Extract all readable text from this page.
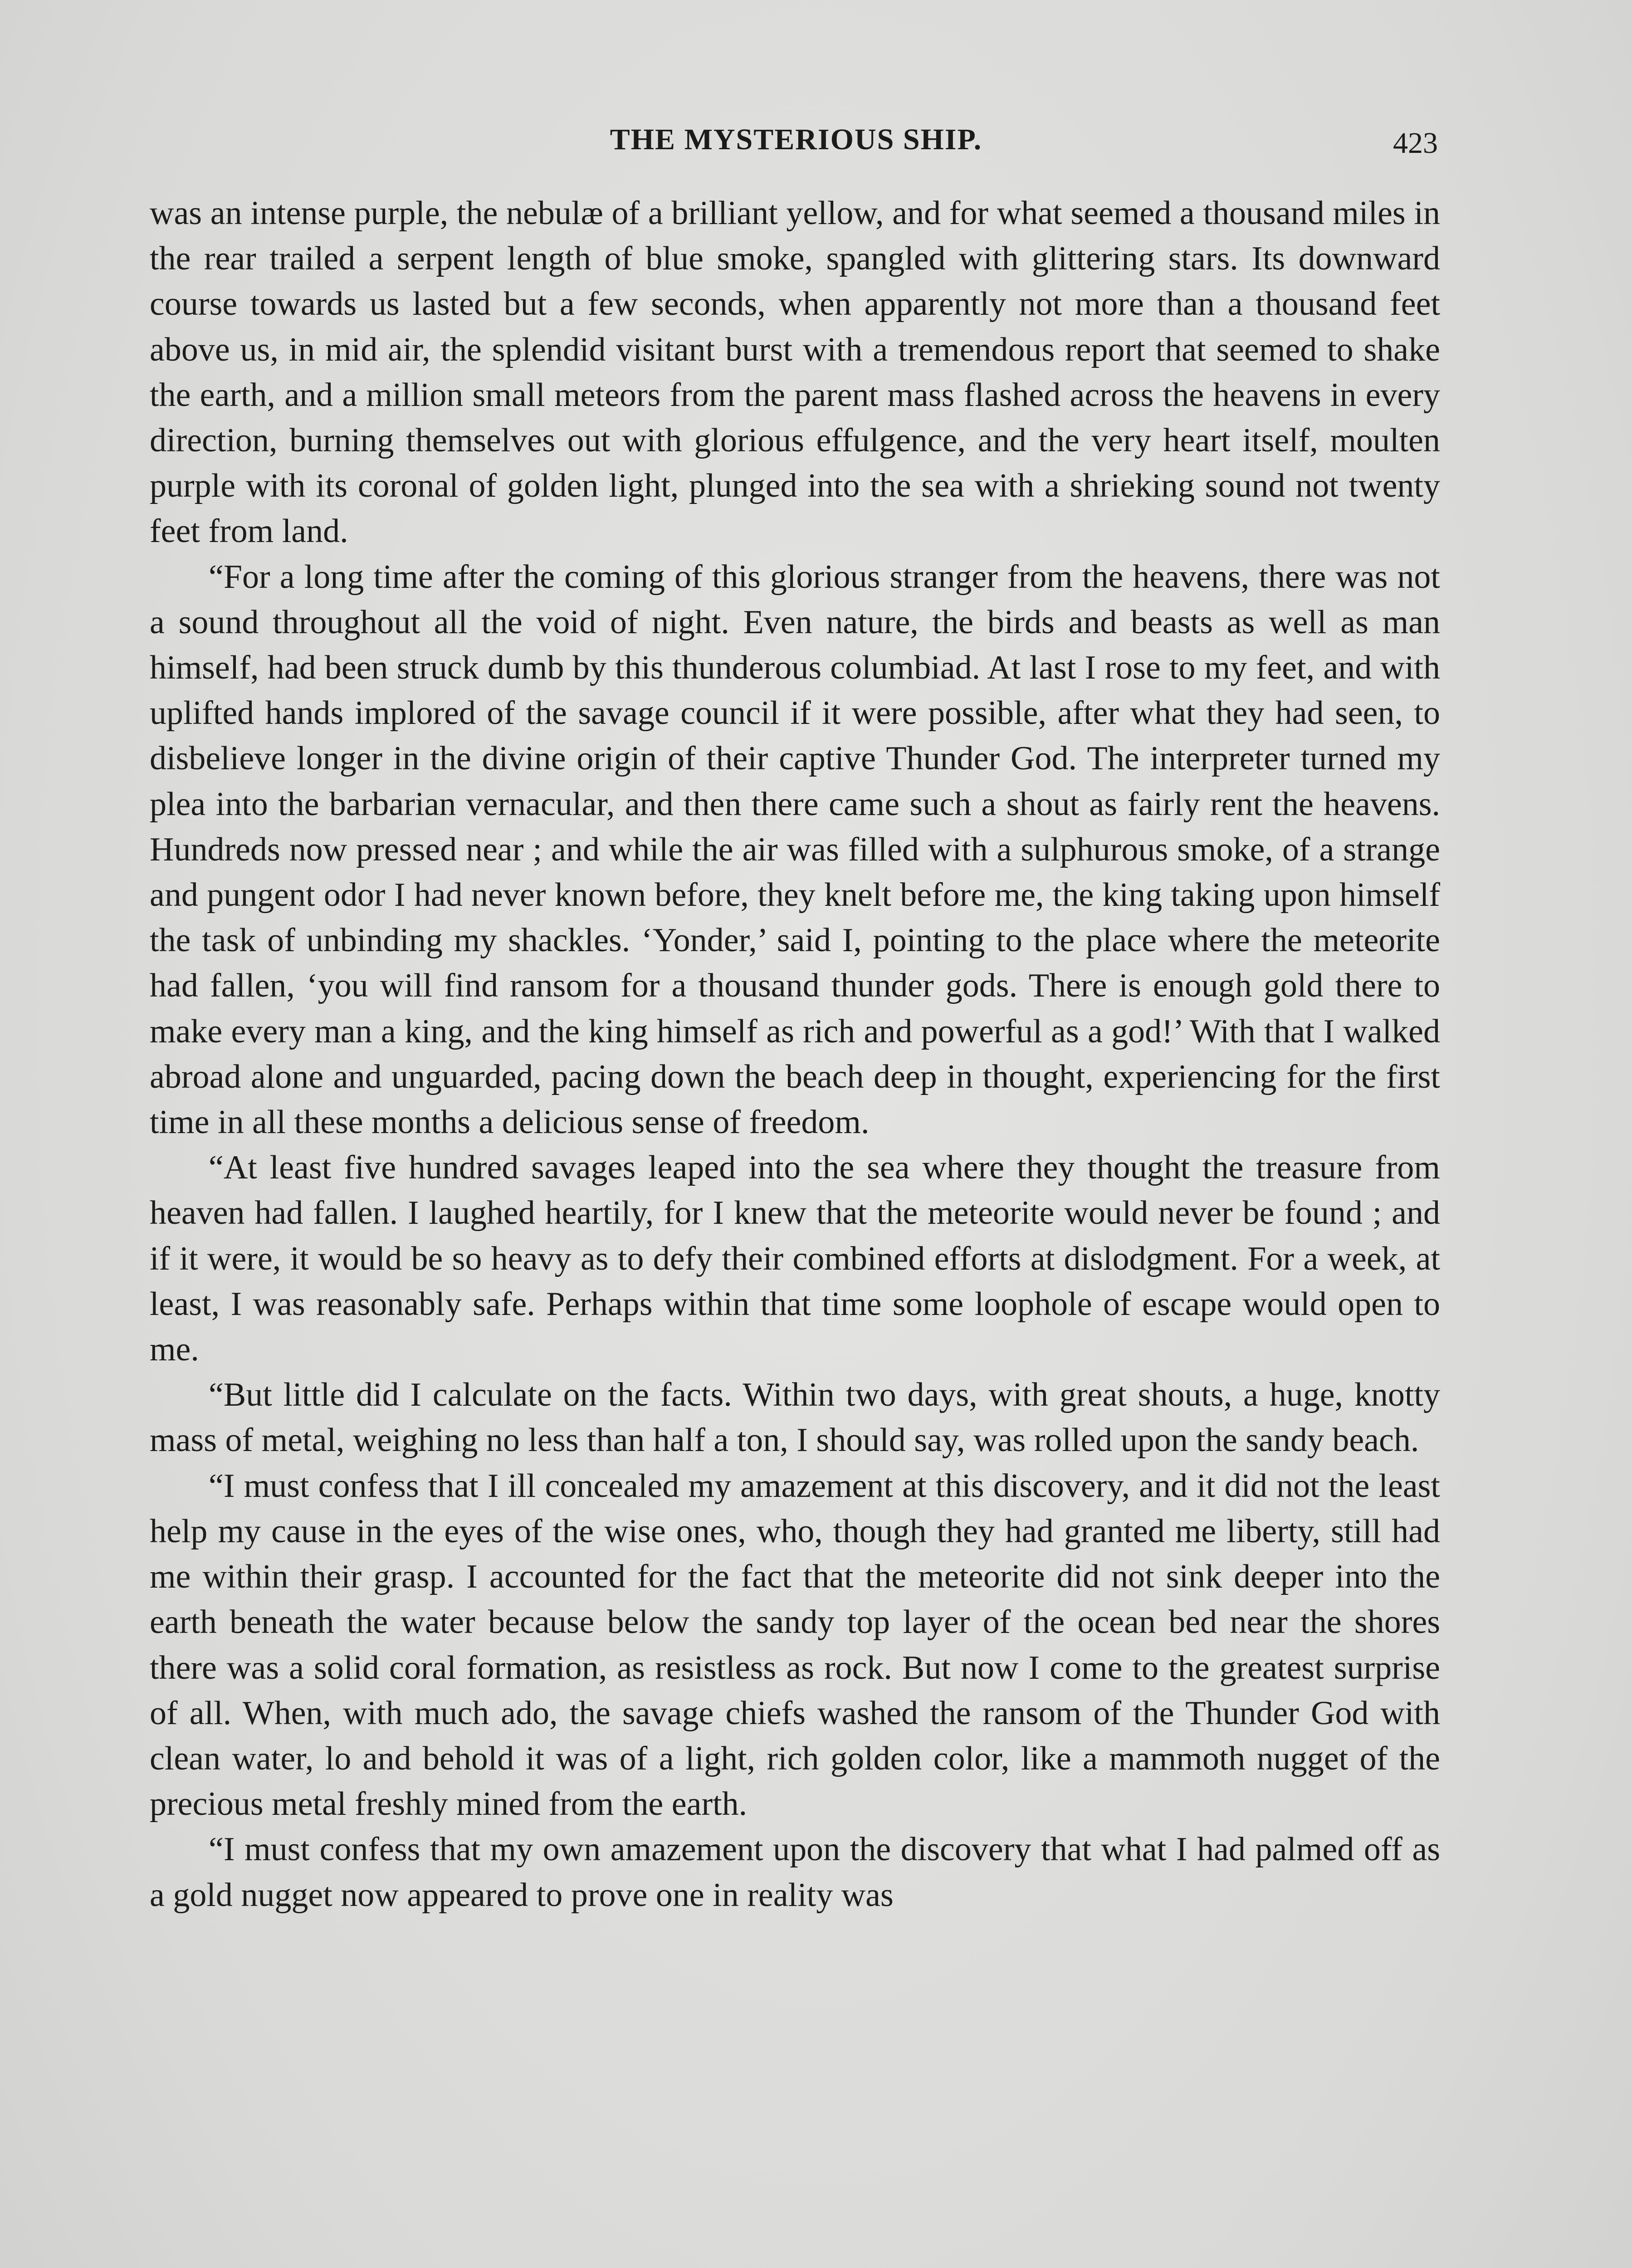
THE MYSTERIOUS SHIP.	423

was an intense purple, the nebulæ of a brilliant yellow, and for what seemed a thousand miles in the rear trailed a serpent length of blue smoke, spangled with glittering stars. Its downward course towards us lasted but a few seconds, when apparently not more than a thousand feet above us, in mid air, the splendid visitant burst with a tremendous report that seemed to shake the earth, and a million small meteors from the parent mass flashed across the heavens in every direction, burning themselves out with glorious effulgence, and the very heart itself, moulten purple with its coronal of golden light, plunged into the sea with a shrieking sound not twenty feet from land.

“For a long time after the coming of this glorious stranger from the heavens, there was not a sound throughout all the void of night. Even nature, the birds and beasts as well as man himself, had been struck dumb by this thunderous columbiad. At last I rose to my feet, and with uplifted hands implored of the savage council if it were possible, after what they had seen, to disbelieve longer in the divine origin of their captive Thunder God. The interpreter turned my plea into the barbarian vernacular, and then there came such a shout as fairly rent the heavens. Hundreds now pressed near ; and while the air was filled with a sulphurous smoke, of a strange and pungent odor I had never known before, they knelt before me, the king taking upon himself the task of unbinding my shackles. ‘Yonder,’ said I, pointing to the place where the meteorite had fallen, ‘you will find ransom for a thousand thunder gods. There is enough gold there to make every man a king, and the king himself as rich and powerful as a god!’ With that I walked abroad alone and unguarded, pacing down the beach deep in thought, experiencing for the first time in all these months a delicious sense of freedom.

“At least five hundred savages leaped into the sea where they thought the treasure from heaven had fallen. I laughed heartily, for I knew that the meteorite would never be found ; and if it were, it would be so heavy as to defy their combined efforts at dislodgment. For a week, at least, I was reasonably safe. Perhaps within that time some loophole of escape would open to me.

“But little did I calculate on the facts. Within two days, with great shouts, a huge, knotty mass of metal, weighing no less than half a ton, I should say, was rolled upon the sandy beach.

“I must confess that I ill concealed my amazement at this discovery, and it did not the least help my cause in the eyes of the wise ones, who, though they had granted me liberty, still had me within their grasp. I accounted for the fact that the meteorite did not sink deeper into the earth beneath the water because below the sandy top layer of the ocean bed near the shores there was a solid coral formation, as resistless as rock. But now I come to the greatest surprise of all. When, with much ado, the savage chiefs washed the ransom of the Thunder God with clean water, lo and behold it was of a light, rich golden color, like a mammoth nugget of the precious metal freshly mined from the earth.

“I must confess that my own amazement upon the discovery that what I had palmed off as a gold nugget now appeared to prove one in reality was
